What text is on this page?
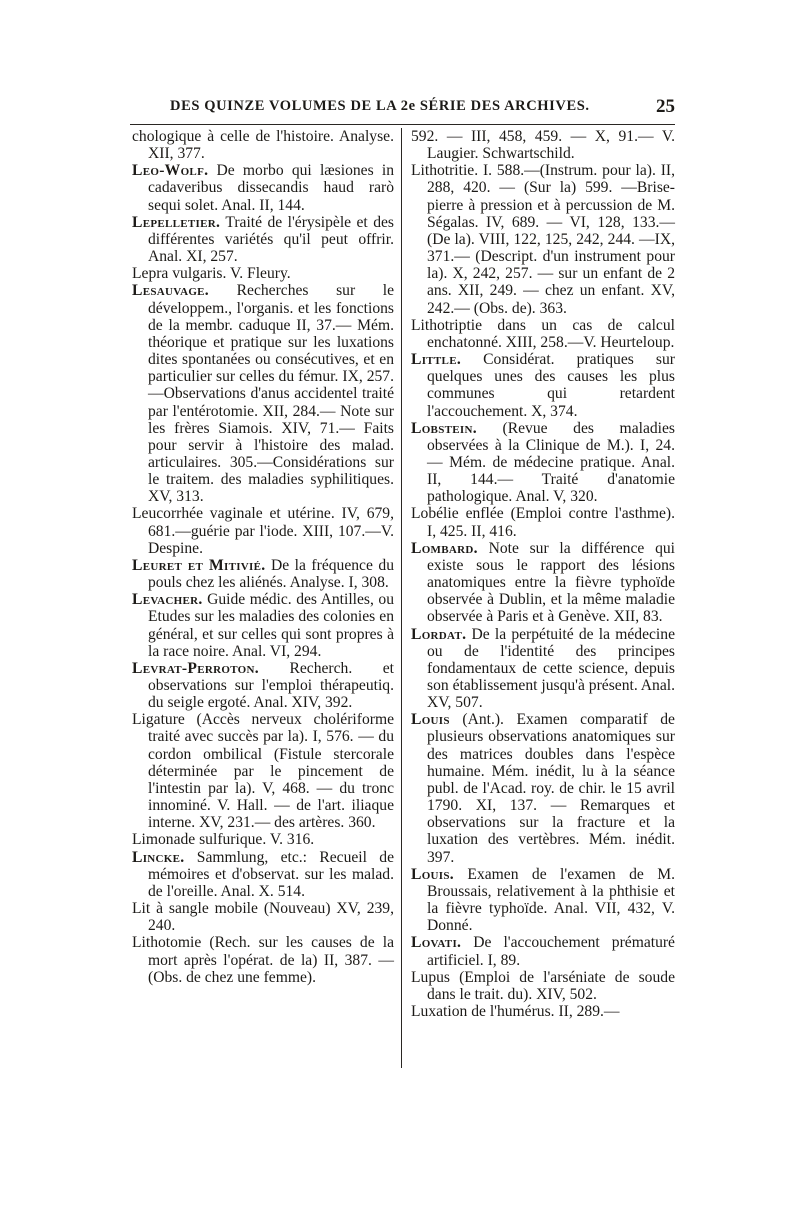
DES QUINZE VOLUMES DE LA 2e SÉRIE DES ARCHIVES.	25

chologique à celle de l'histoire. Analyse. XII, 377.

Leo-Wolf. De morbo qui læsiones in cadaveribus dissecandis haud rarò sequi solet. Anal. II, 144.

Lepelletier. Traité de l'érysipèle et des différentes variétés qu'il peut offrir. Anal. XI, 257.

Lepra vulgaris. V. Fleury.

Lesauvage. Recherches sur le développem., l'organis. et les fonctions de la membr. caduque II, 37.— Mém. théorique et pratique sur les luxations dites spontanées ou consécutives, et en particulier sur celles du fémur. IX, 257.—Observations d'anus accidentel traité par l'entérotomie. XII, 284.— Note sur les frères Siamois. XIV, 71.— Faits pour servir à l'histoire des malad. articulaires. 305.—Considérations sur le traitem. des maladies syphilitiques. XV, 313.

Leucorrhée vaginale et utérine. IV, 679, 681.—guérie par l'iode. XIII, 107.—V. Despine.

Leuret et Mitivié. De la fréquence du pouls chez les aliénés. Analyse. I, 308.

Levacher. Guide médic. des Antilles, ou Etudes sur les maladies des colonies en général, et sur celles qui sont propres à la race noire. Anal. VI, 294.

Levrat-Perroton. Recherch. et observations sur l'emploi thérapeutiq. du seigle ergoté. Anal. XIV, 392.

Ligature (Accès nerveux cholériforme traité avec succès par la). I, 576. — du cordon ombilical (Fistule stercorale déterminée par le pincement de l'intestin par la). V, 468. — du tronc innominé. V. Hall. — de l'art. iliaque interne. XV, 231.— des artères. 360.

Limonade sulfurique. V. 316.

Lincke. Sammlung, etc.: Recueil de mémoires et d'observat. sur les malad. de l'oreille. Anal. X. 514.

Lit à sangle mobile (Nouveau) XV, 239, 240.

Lithotomie (Rech. sur les causes de la mort après l'opérat. de la) II, 387. —(Obs. de chez une femme).

592. — III, 458, 459. — X, 91.— V. Laugier. Schwartschild.

Lithotritie. I. 588.—(Instrum. pour la). II, 288, 420. — (Sur la) 599. —Brise-pierre à pression et à percussion de M. Ségalas. IV, 689. — VI, 128, 133.—(De la). VIII, 122, 125, 242, 244. —IX, 371.— (Descript. d'un instrument pour la). X, 242, 257. — sur un enfant de 2 ans. XII, 249. — chez un enfant. XV, 242.— (Obs. de). 363.

Lithotriptie dans un cas de calcul enchatonné. XIII, 258.—V. Heurteloup.

Little. Considérat. pratiques sur quelques unes des causes les plus communes qui retardent l'accouchement. X, 374.

Lobstein. (Revue des maladies observées à la Clinique de M.). I, 24. — Mém. de médecine pratique. Anal. II, 144.— Traité d'anatomie pathologique. Anal. V, 320.

Lobélie enflée (Emploi contre l'asthme). I, 425. II, 416.

Lombard. Note sur la différence qui existe sous le rapport des lésions anatomiques entre la fièvre typhoïde observée à Dublin, et la même maladie observée à Paris et à Genève. XII, 83.

Lordat. De la perpétuité de la médecine ou de l'identité des principes fondamentaux de cette science, depuis son établissement jusqu'à présent. Anal. XV, 507.

Louis (Ant.). Examen comparatif de plusieurs observations anatomiques sur des matrices doubles dans l'espèce humaine. Mém. inédit, lu à la séance publ. de l'Acad. roy. de chir. le 15 avril 1790. XI, 137. — Remarques et observations sur la fracture et la luxation des vertèbres. Mém. inédit. 397.

Louis. Examen de l'examen de M. Broussais, relativement à la phthisie et la fièvre typhoïde. Anal. VII, 432, V. Donné.

Lovati. De l'accouchement prématuré artificiel. I, 89.

Lupus (Emploi de l'arséniate de soude dans le trait. du). XIV, 502.

Luxation de l'humérus. II, 289.—
